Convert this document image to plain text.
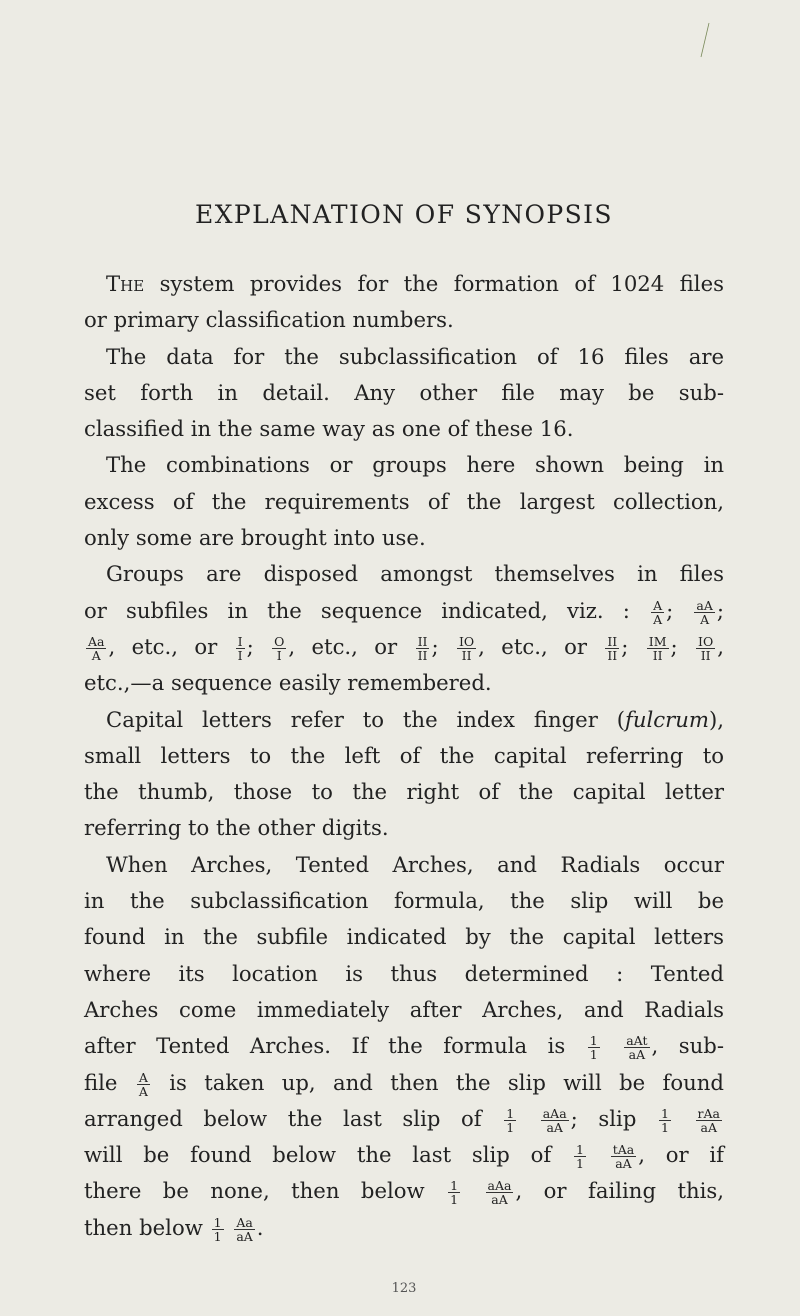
EXPLANATION OF SYNOPSIS
The system provides for the formation of 1024 files
or primary classification numbers.
The data for the subclassification of 16 files are
set forth in detail. Any other file may be sub-
classified in the same way as one of these 16.
The combinations or groups here shown being in
excess of the requirements of the largest collection,
only some are brought into use.
Groups are disposed amongst themselves in files
or subfiles in the sequence indicated, viz. : $\frac{A}{A}$ ; $\frac{aA}{A}$ ;
$\frac{Aa}{A}$ , etc., or $\frac{I}{I}$ ; $\frac{O}{I}$ , etc., or $\frac{II}{II}$ ; $\frac{IO}{II}$ , etc., or $\frac{II}{II}$ ; $\frac{IM}{II}$ ; $\frac{IO}{II}$ ,
etc.,—a sequence easily remembered.
Capital letters refer to the index finger (fulcrum),
small letters to the left of the capital referring to
the thumb, those to the right of the capital letter
referring to the other digits.
When Arches, Tented Arches, and Radials occur
in the subclassification formula, the slip will be
found in the subfile indicated by the capital letters
where its location is thus determined : Tented
Arches come immediately after Arches, and Radials
after Tented Arches. If the formula is $\frac{1}{1}$
$\frac{\text{aAt}}{aA}$ , sub-
file $\frac{A}{A}$ is taken up, and then the slip will be found
arranged below the last slip of $\frac{1}{1}$
$\frac{\text{aAa}}{aA}$ ; slip $\frac{1}{1}$
$\frac{\text{rAa}}{aA}$
will be found below the last slip of $\frac{1}{1}$
$\frac{\text{tAa}}{aA}$ , or if
there be none, then below $\frac{1}{1}$
$\frac{\text{aAa}}{aA}$ , or failing this,
then below $\frac{1}{1}$
$\frac{Aa}{aA}$ .
123
